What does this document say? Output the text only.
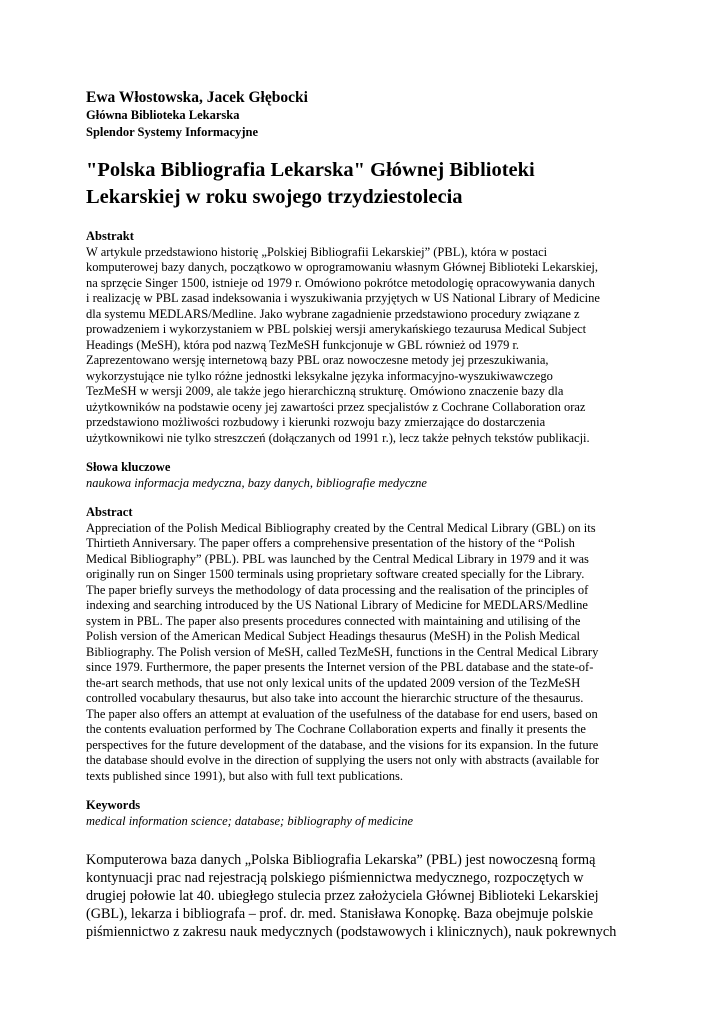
Ewa Włostowska, Jacek Głębocki

Główna Biblioteka Lekarska

Splendor Systemy Informacyjne

"Polska Bibliografia Lekarska" Głównej Biblioteki
Lekarskiej w roku swojego trzydziestolecia

Abstrakt

W artykule przedstawiono historię „Polskiej Bibliografii Lekarskiej” (PBL), która w postaci
komputerowej bazy danych, początkowo w oprogramowaniu własnym Głównej Biblioteki Lekarskiej,
na sprzęcie Singer 1500, istnieje od 1979 r. Omówiono pokrótce metodologię opracowywania danych
i realizację w PBL zasad indeksowania i wyszukiwania przyjętych w US National Library of Medicine
dla systemu MEDLARS/Medline. Jako wybrane zagadnienie przedstawiono procedury związane z
prowadzeniem i wykorzystaniem w PBL polskiej wersji amerykańskiego tezaurusa Medical Subject
Headings (MeSH), która pod nazwą TezMeSH funkcjonuje w GBL również od 1979 r.
Zaprezentowano wersję internetową bazy PBL oraz nowoczesne metody jej przeszukiwania,
wykorzystujące nie tylko różne jednostki leksykalne języka informacyjno-wyszukiwawczego
TezMeSH w wersji 2009, ale także jego hierarchiczną strukturę. Omówiono znaczenie bazy dla
użytkowników na podstawie oceny jej zawartości przez specjalistów z Cochrane Collaboration oraz
przedstawiono możliwości rozbudowy i kierunki rozwoju bazy zmierzające do dostarczenia
użytkownikowi nie tylko streszczeń (dołączanych od 1991 r.), lecz także pełnych tekstów publikacji.

Słowa kluczowe

naukowa informacja medyczna, bazy danych, bibliografie medyczne

Abstract

Appreciation of the Polish Medical Bibliography created by the Central Medical Library (GBL) on its
Thirtieth Anniversary. The paper offers a comprehensive presentation of the history of the “Polish
Medical Bibliography” (PBL). PBL was launched by the Central Medical Library in 1979 and it was
originally run on Singer 1500 terminals using proprietary software created specially for the Library.
The paper briefly surveys the methodology of data processing and the realisation of the principles of
indexing and searching introduced by the US National Library of Medicine for MEDLARS/Medline
system in PBL. The paper also presents procedures connected with maintaining and utilising of the
Polish version of the American Medical Subject Headings thesaurus (MeSH) in the Polish Medical
Bibliography. The Polish version of MeSH, called TezMeSH, functions in the Central Medical Library
since 1979. Furthermore, the paper presents the Internet version of the PBL database and the state-of-
the-art search methods, that use not only lexical units of the updated 2009 version of the TezMeSH
controlled vocabulary thesaurus, but also take into account the hierarchic structure of the thesaurus.
The paper also offers an attempt at evaluation of the usefulness of the database for end users, based on
the contents evaluation performed by The Cochrane Collaboration experts and finally it presents the
perspectives for the future development of the database, and the visions for its expansion. In the future
the database should evolve in the direction of supplying the users not only with abstracts (available for
texts published since 1991), but also with full text publications.

Keywords

medical information science; database; bibliography of medicine

Komputerowa baza danych „Polska Bibliografia Lekarska” (PBL) jest nowoczesną formą
kontynuacji prac nad rejestracją polskiego piśmiennictwa medycznego, rozpoczętych w
drugiej połowie lat 40. ubiegłego stulecia przez założyciela Głównej Biblioteki Lekarskiej
(GBL), lekarza i bibliografa – prof. dr. med. Stanisława Konopkę. Baza obejmuje polskie
piśmiennictwo z zakresu nauk medycznych (podstawowych i klinicznych), nauk pokrewnych
